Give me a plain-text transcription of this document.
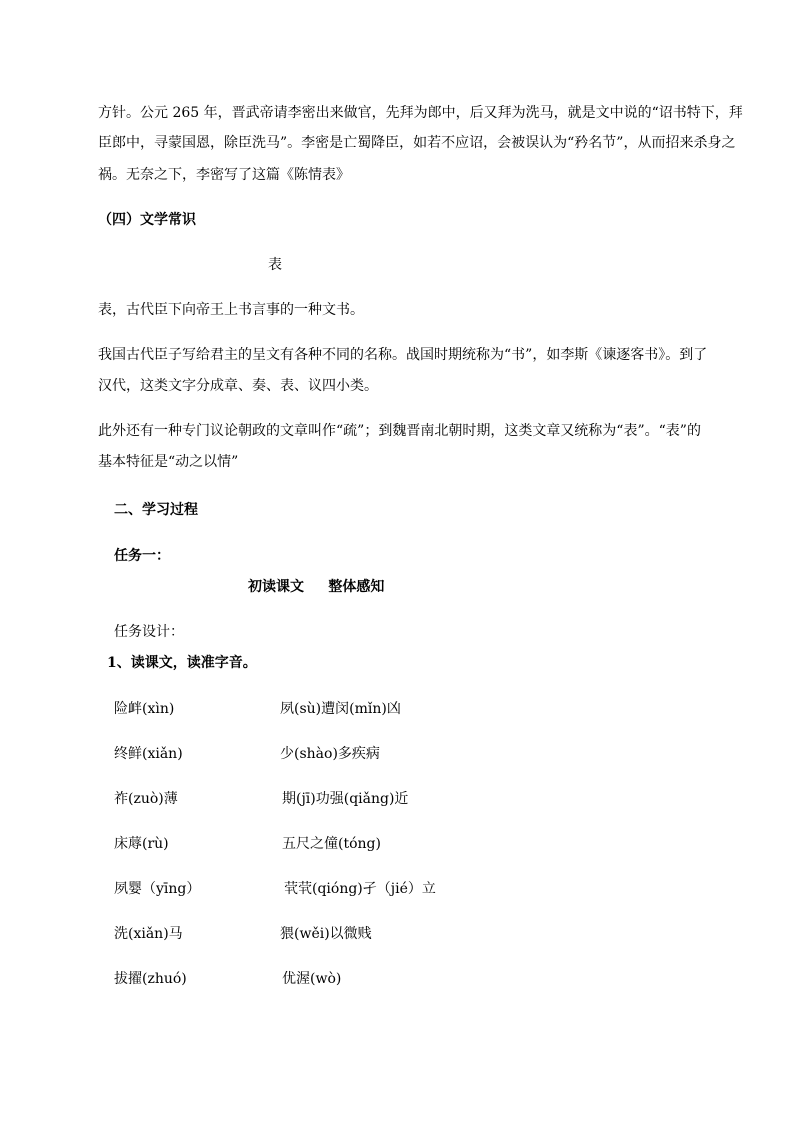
方针。公元 265 年，晋武帝请李密出来做官，先拜为郎中，后又拜为洗马，就是文中说的“诏书特下，拜
臣郎中，寻蒙国恩，除臣洗马”。李密是亡蜀降臣，如若不应诏，会被误认为“矜名节”，从而招来杀身之
祸。无奈之下，李密写了这篇《陈情表》
（四）文学常识
表
表，古代臣下向帝王上书言事的一种文书。
我国古代臣子写给君主的呈文有各种不同的名称。战国时期统称为“书”，如李斯《谏逐客书》。到了
汉代，这类文字分成章、奏、表、议四小类。
此外还有一种专门议论朝政的文章叫作“疏”；到魏晋南北朝时期，这类文章又统称为“表”。“表”的
基本特征是“动之以情”
二、学习过程
任务一：
初读课文     整体感知
任务设计：
1、读课文，读准字音。
险衅(xìn)	夙(sù)遭闵(mǐn)凶
终鲜(xiǎn)	少(shào)多疾病
祚(zuò)薄	期(jī)功强(qiǎng)近
床蓐(rù)	五尺之僮(tóng)
夙婴（yīng）	茕茕(qióng)孑（jié）立
洗(xiǎn)马	猥(wěi)以微贱
拔擢(zhuó)	优渥(wò)
